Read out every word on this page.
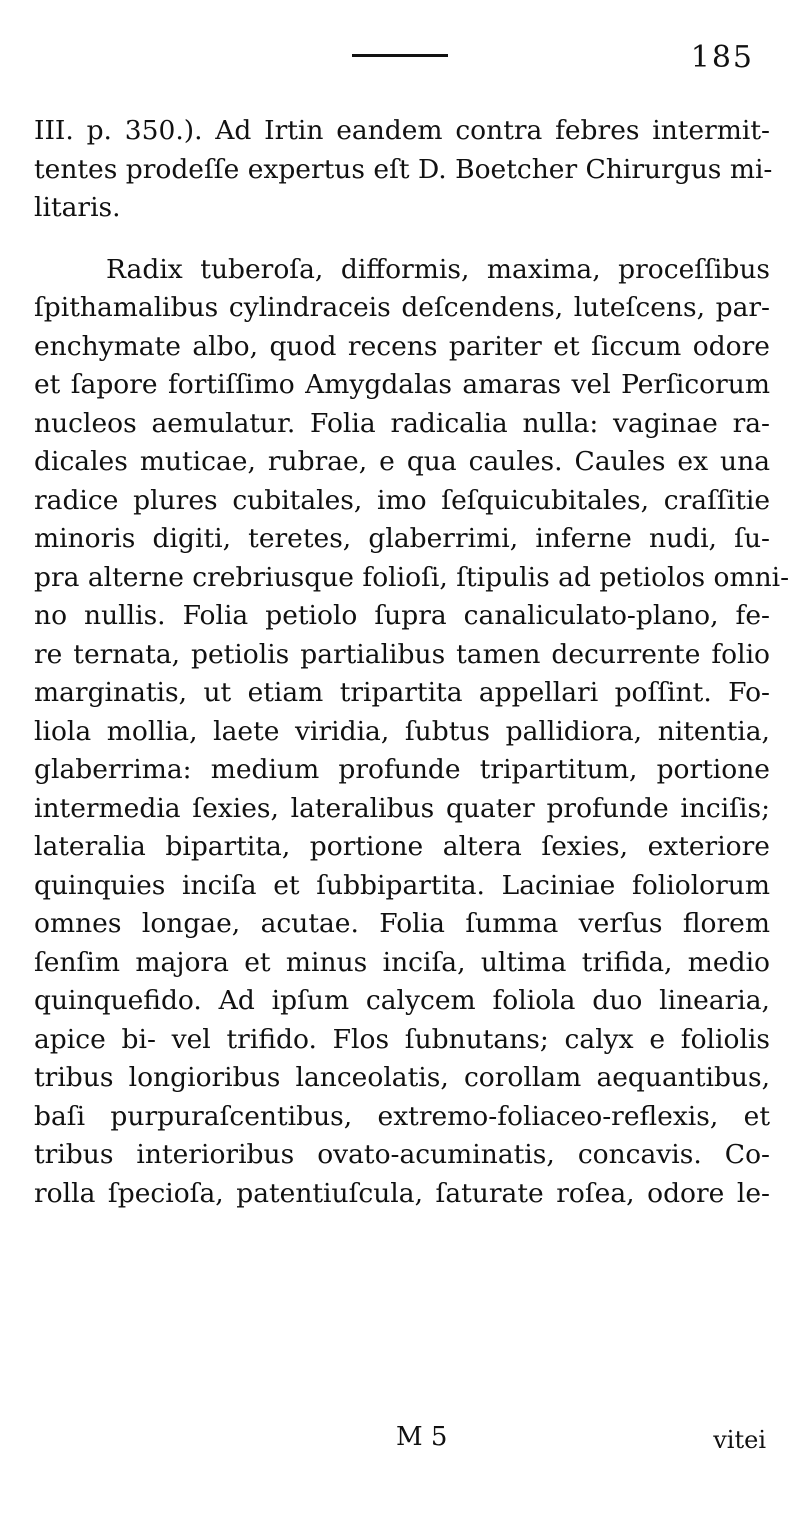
185
III. p. 350.). Ad Irtin eandem contra febres intermit-
tentes prodeſſe expertus eſt D. Boetcher Chirurgus mi-
litaris.
Radix tuberoſa, difformis, maxima, proceſſibus
ſpithamalibus cylindraceis deſcendens, luteſcens, par-
enchymate albo, quod recens pariter et ſiccum odore
et ſapore fortiſſimo Amygdalas amaras vel Perſicorum
nucleos aemulatur. Folia radicalia nulla: vaginae ra-
dicales muticae, rubrae, e qua caules. Caules ex una
radice plures cubitales, imo ſeſquicubitales, craſſitie
minoris digiti, teretes, glaberrimi, inferne nudi, ſu-
pra alterne crebriusque folioſi, ſtipulis ad petiolos omni-
no nullis. Folia petiolo ſupra canaliculato-plano, fe-
re ternata, petiolis partialibus tamen decurrente folio
marginatis, ut etiam tripartita appellari poſſint. Fo-
liola mollia, laete viridia, ſubtus pallidiora, nitentia,
glaberrima: medium profunde tripartitum, portione
intermedia ſexies, lateralibus quater profunde inciſis;
lateralia bipartita, portione altera ſexies, exteriore
quinquies inciſa et ſubbipartita. Laciniae foliolorum
omnes longae, acutae. Folia ſumma verſus florem
ſenſim majora et minus inciſa, ultima trifida, medio
quinquefido. Ad ipſum calycem foliola duo linearia,
apice bi- vel trifido. Flos ſubnutans; calyx e foliolis
tribus longioribus lanceolatis, corollam aequantibus,
baſi purpuraſcentibus, extremo-foliaceo-reflexis, et
tribus interioribus ovato-acuminatis, concavis. Co-
rolla ſpecioſa, patentiuſcula, ſaturate roſea, odore le-
M 5	vitei
